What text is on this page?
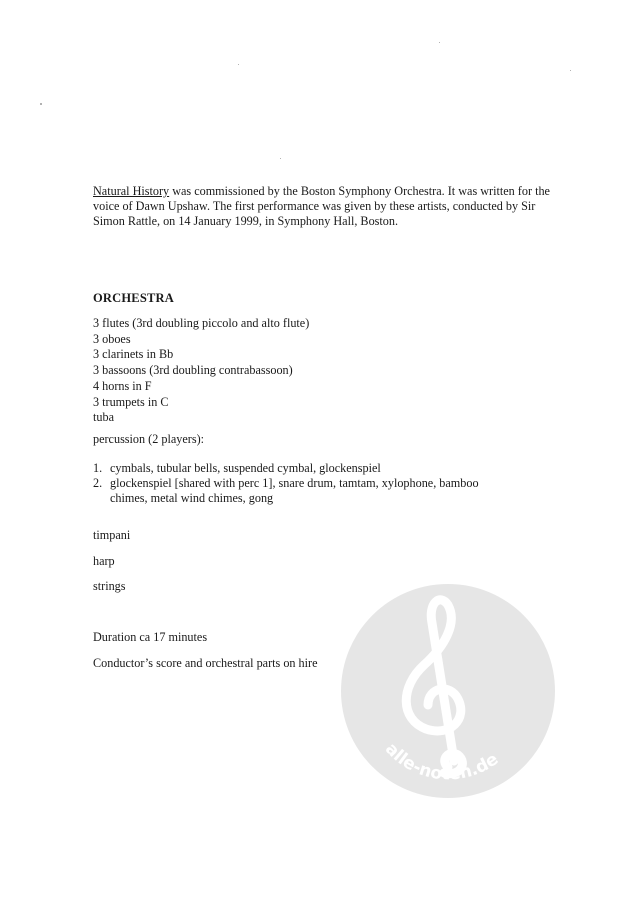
Natural History was commissioned by the Boston Symphony Orchestra. It was written for the voice of Dawn Upshaw. The first performance was given by these artists, conducted by Sir Simon Rattle, on 14 January 1999, in Symphony Hall, Boston.
ORCHESTRA
3 flutes (3rd doubling piccolo and alto flute)
3 oboes
3 clarinets in Bb
3 bassoons (3rd doubling contrabassoon)
4 horns in F
3 trumpets in C
tuba
percussion (2 players):
1. cymbals, tubular bells, suspended cymbal, glockenspiel
2. glockenspiel [shared with perc 1], snare drum, tamtam, xylophone, bamboo chimes, metal wind chimes, gong
timpani
harp
strings
Duration ca 17 minutes
Conductor’s score and orchestral parts on hire
alle-noten.de
